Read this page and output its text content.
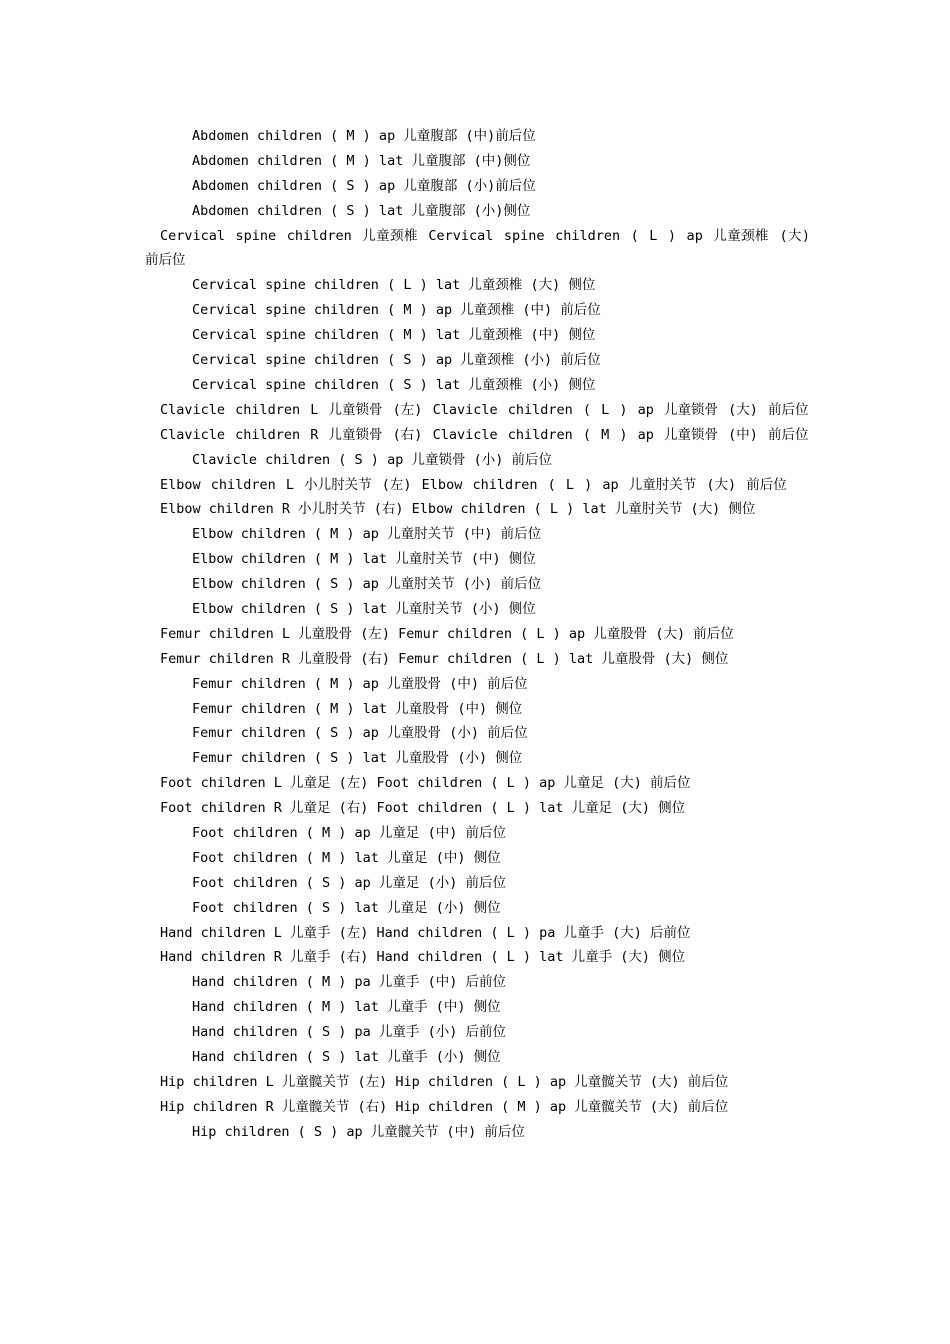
Abdomen children ( M ) ap 儿童腹部 (中)前后位
Abdomen children ( M ) lat 儿童腹部 (中)侧位
Abdomen children ( S ) ap 儿童腹部 (小)前后位
Abdomen children ( S ) lat 儿童腹部 (小)侧位
Cervical spine children 儿童颈椎 Cervical spine children ( L ) ap 儿童颈椎 (大) 前后位
Cervical spine children ( L ) lat 儿童颈椎 (大) 侧位
Cervical spine children ( M ) ap 儿童颈椎 (中) 前后位
Cervical spine children ( M ) lat 儿童颈椎 (中) 侧位
Cervical spine children ( S ) ap 儿童颈椎 (小) 前后位
Cervical spine children ( S ) lat 儿童颈椎 (小) 侧位
Clavicle children L 儿童锁骨 (左) Clavicle children ( L ) ap 儿童锁骨 (大) 前后位
Clavicle children R 儿童锁骨 (右) Clavicle children ( M ) ap 儿童锁骨 (中) 前后位
Clavicle children ( S ) ap 儿童锁骨 (小) 前后位
Elbow children L 小儿肘关节 (左) Elbow children ( L ) ap 儿童肘关节 (大) 前后位
Elbow children R 小儿肘关节 (右) Elbow children ( L ) lat 儿童肘关节 (大) 侧位
Elbow children ( M ) ap 儿童肘关节 (中) 前后位
Elbow children ( M ) lat 儿童肘关节 (中) 侧位
Elbow children ( S ) ap 儿童肘关节 (小) 前后位
Elbow children ( S ) lat 儿童肘关节 (小) 侧位
Femur children L 儿童股骨 (左) Femur children ( L ) ap 儿童股骨 (大) 前后位
Femur children R 儿童股骨 (右) Femur children ( L ) lat 儿童股骨 (大) 侧位
Femur children ( M ) ap 儿童股骨 (中) 前后位
Femur children ( M ) lat 儿童股骨 (中) 侧位
Femur children ( S ) ap 儿童股骨 (小) 前后位
Femur children ( S ) lat 儿童股骨 (小) 侧位
Foot children L 儿童足 (左) Foot children ( L ) ap 儿童足 (大) 前后位
Foot children R 儿童足 (右) Foot children ( L ) lat 儿童足 (大) 侧位
Foot children ( M ) ap 儿童足 (中) 前后位
Foot children ( M ) lat 儿童足 (中) 侧位
Foot children ( S ) ap 儿童足 (小) 前后位
Foot children ( S ) lat 儿童足 (小) 侧位
Hand children L 儿童手 (左) Hand children ( L ) pa 儿童手 (大) 后前位
Hand children R 儿童手 (右) Hand children ( L ) lat 儿童手 (大) 侧位
Hand children ( M ) pa 儿童手 (中) 后前位
Hand children ( M ) lat 儿童手 (中) 侧位
Hand children ( S ) pa 儿童手 (小) 后前位
Hand children ( S ) lat 儿童手 (小) 侧位
Hip children L 儿童髋关节 (左) Hip children ( L ) ap 儿童髋关节 (大) 前后位
Hip children R 儿童髋关节 (右) Hip children ( M ) ap 儿童髋关节 (大) 前后位
Hip children ( S ) ap 儿童髋关节 (中) 前后位
